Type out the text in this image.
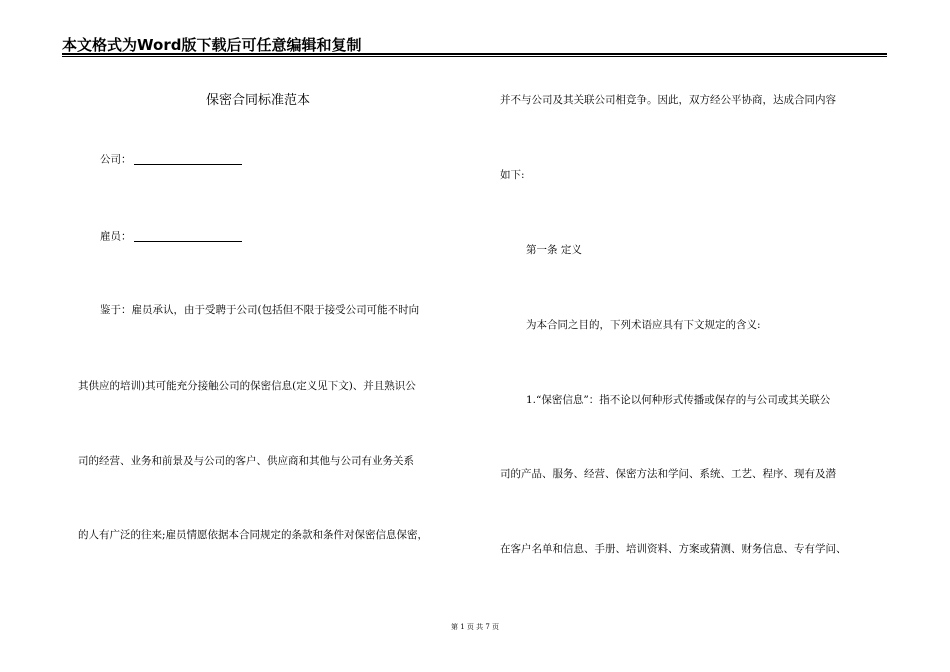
本文格式为Word版下载后可任意编辑和复制
保密合同标准范本
公司：
雇员：
鉴于：雇员承认，由于受聘于公司(包括但不限于接受公司可能不时向
其供应的培训)其可能充分接触公司的保密信息(定义见下文)、并且熟识公
司的经营、业务和前景及与公司的客户、供应商和其他与公司有业务关系
的人有广泛的往来;雇员情愿依据本合同规定的条款和条件对保密信息保密，
并不与公司及其关联公司相竞争。因此，双方经公平协商，达成合同内容
如下:
第一条 定义
为本合同之目的，下列术语应具有下文规定的含义:
1.“保密信息”：指不论以何种形式传播或保存的与公司或其关联公
司的产品、服务、经营、保密方法和学问、系统、工艺、程序、现有及潜
在客户名单和信息、手册、培训资料、方案或猜测、财务信息、专有学问、
第 1 页 共 7 页
